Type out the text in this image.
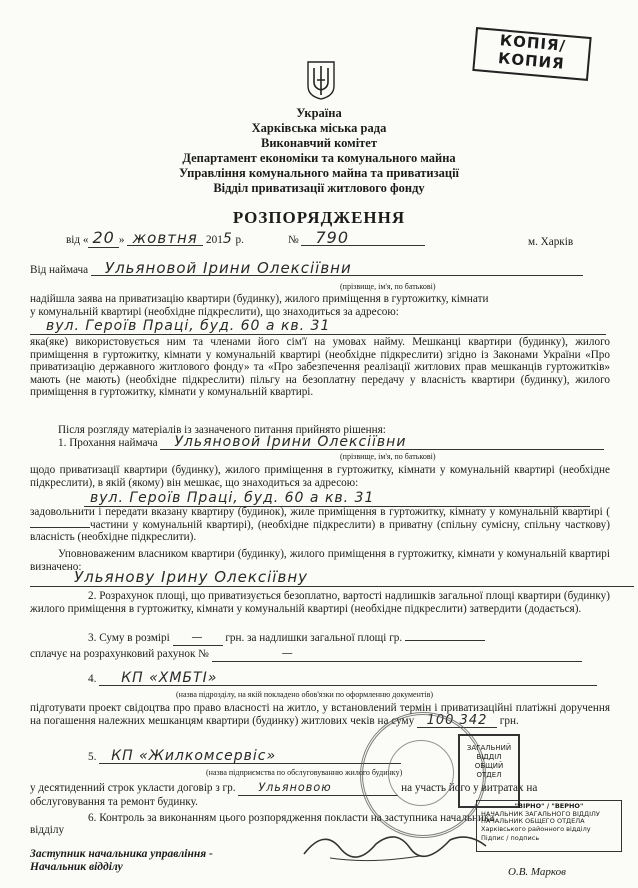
КОПІЯ/
КОПИЯ
Україна
Харківська міська рада
Виконавчий комітет
Департамент економіки та комунального майна
Управління комунального майна та приватизації
Відділ приватизації житлового фонду
РОЗПОРЯДЖЕННЯ
від « 20 » жовтня 2015 р.	№ 790	м. Харків
Від наймача Ульяновой Ірини Олексіївни
(прізвище, ім'я, по батькові)
надійшла заява на приватизацію квартири (будинку), жилого приміщення в гуртожитку, кімнати
у комунальній квартирі (необхідне підкреслити), що знаходиться за адресою:
вул. Героїв Праці, буд. 60 а кв. 31
яка(яке) використовується ним та членами його сім'ї на умовах найму. Мешканці квартири (будинку), жилого приміщення в гуртожитку, кімнати у комунальній квартирі (необхідне підкреслити) згідно із Законами України «Про приватизацію державного житлового фонду» та «Про забезпечення реалізації житлових прав мешканців гуртожитків» мають (не мають) (необхідне підкреслити) пільгу на безоплатну передачу у власність квартири (будинку), жилого приміщення в гуртожитку, кімнати у комунальній квартирі.
Після розгляду матеріалів із зазначеного питання прийнято рішення:
1. Прохання наймача Ульяновой Ірини Олексіївни
(прізвище, ім'я, по батькові)
щодо приватизації квартири (будинку), жилого приміщення в гуртожитку, кімнати у комунальній квартирі (необхідне підкреслити), в якій (якому) він мешкає, що знаходиться за адресою:
вул. Героїв Праці, буд. 60 а кв. 31
задовольнити і передати вказану квартиру (будинок), жиле приміщення в гуртожитку, кімнату у комунальній квартирі (частини у комунальній квартирі), (необхідне підкреслити) в приватну (спільну сумісну, спільну часткову) власність (необхідне підкреслити).
Уповноваженим власником квартири (будинку), жилого приміщення в гуртожитку, кімнати у комунальній квартирі визначено:
Ульянову Ірину Олексіївну
2. Розрахунок площі, що приватизується безоплатно, вартості надлишків загальної площі квартири (будинку) жилого приміщення в гуртожитку, кімнати у комунальній квартирі (необхідне підкреслити) затвердити (додається).
3. Суму в розмірі — грн. за надлишки загальної площі гр.
сплачує на розрахунковий рахунок №	—
4. КП «ХМБТІ»
(назва підрозділу, на якій покладено обов'язки по оформленню документів)
підготувати проект свідоцтва про право власності на житло, у встановлений термін і приватизаційні платіжні доручення на погашення належних мешканцям квартири (будинку) житлових чеків на суму 100 342 грн.
5. КП «Жилкомсервіс»
(назва підприємства по обслуговуванню жилого будинку)
у десятиденний строк укласти договір з гр. Ульяновою	на участь його у витратах на обслуговування та ремонт будинку.
6. Контроль за виконанням цього розпорядження покласти на заступника начальника
відділу
Заступник начальника управління -
Начальник відділу	О.В. Марков
ЗАГАЛЬНИЙ
ВІДДІЛ
ОБЩИЙ
ОТДЕЛ
"ВІРНО" / "ВЕРНО"
НАЧАЛЬНИК ЗАГАЛЬНОГО ВІДДІЛУ
НАЧАЛЬНИК ОБЩЕГО ОТДЕЛА
Харківського районного відділу
Підпис / подпись
